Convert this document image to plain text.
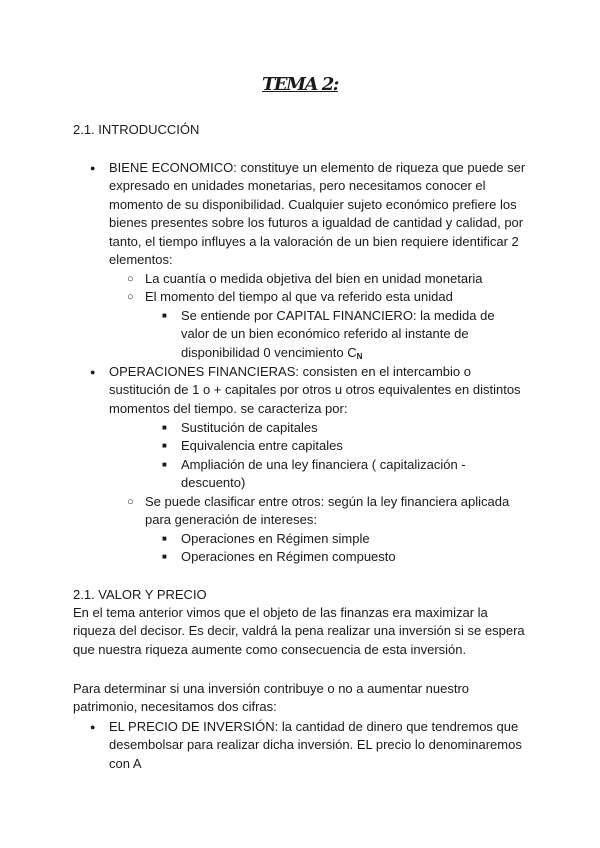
TEMA 2:
2.1. INTRODUCCIÓN
● BIENE ECONOMICO: constituye un elemento de riqueza que puede ser expresado en unidades monetarias, pero necesitamos conocer el momento de su disponibilidad. Cualquier sujeto económico prefiere los bienes presentes sobre los futuros a igualdad de cantidad y calidad, por tanto, el tiempo influyes a la valoración de un bien requiere identificar 2 elementos:
○ La cuantía o medida objetiva del bien en unidad monetaria
○ El momento del tiempo al que va referido esta unidad
■ Se entiende por CAPITAL FINANCIERO: la medida de valor de un bien económico referido al instante de disponibilidad 0 vencimiento $C_N$
● OPERACIONES FINANCIERAS: consisten en el intercambio o sustitución de 1 o + capitales por otros u otros equivalentes en distintos momentos del tiempo. se caracteriza por:
■ Sustitución de capitales
■ Equivalencia entre capitales
■ Ampliación de una ley financiera ( capitalización - descuento)
○ Se puede clasificar entre otros: según la ley financiera aplicada para generación de intereses:
■ Operaciones en Régimen simple
■ Operaciones en Régimen compuesto
2.1. VALOR Y PRECIO

En el tema anterior vimos que el objeto de las finanzas era maximizar la riqueza del decisor. Es decir, valdrá la pena realizar una inversión si se espera que nuestra riqueza aumente como consecuencia de esta inversión.

Para determinar si una inversión contribuye o no a aumentar nuestro patrimonio, necesitamos dos cifras:

● EL PRECIO DE INVERSIÓN: la cantidad de dinero que tendremos que desembolsar para realizar dicha inversión. EL precio lo denominaremos con A
